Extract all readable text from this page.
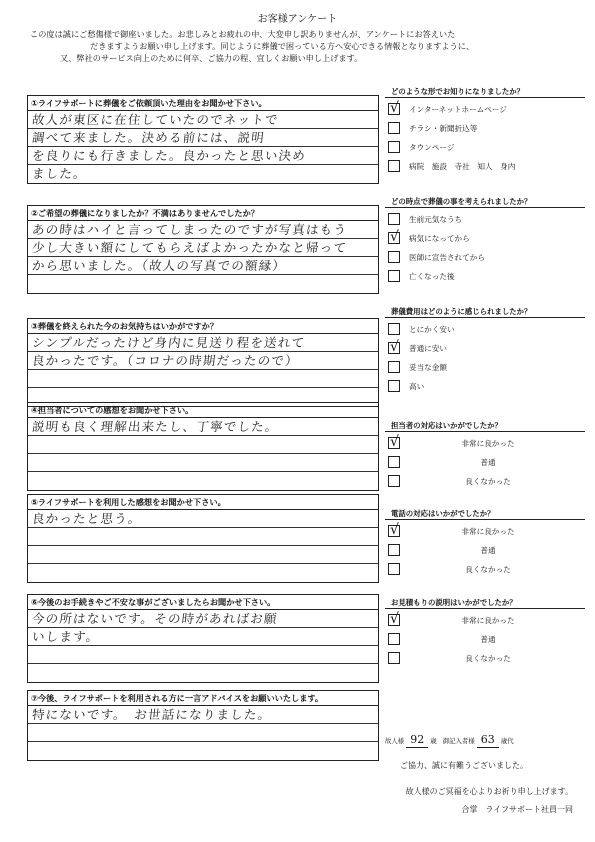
お客様アンケート
この度は誠にご愁傷様で御座いました。お悲しみとお疲れの中、大変申し訳ありませんが、アンケートにお答えいた
だきますようお願い申し上げます。同じように葬儀で困っている方へ安心できる情報となりますように、
又、弊社のサービス向上のために何卒、ご協力の程、宜しくお願い申し上げます。
①ライフサポートに葬儀をご依頼頂いた理由をお聞かせ下さい。
故人が東区に在住していたのでネットで
調べて来ました。決める前には、説明
を良りにも行きました。良かったと思い決め
ました。
②ご希望の葬儀になりましたか？不満はありませんでしたか？
あの時はハイと言ってしまったのですが写真はもう
少し大きい額にしてもらえばよかったかなと帰って
から思いました。（故人の写真での額縁）
③葬儀を終えられた今のお気持ちはいかがですか？
シンプルだったけど身内に見送り程を送れて
良かったです。（コロナの時期だったので）
④担当者についての感想をお聞かせ下さい。
説明も良く理解出来たし、丁寧でした。
⑤ライフサポートを利用した感想をお聞かせ下さい。
良かったと思う。
⑥今後のお手続きやご不安な事がございましたらお聞かせ下さい。
今の所はないです。その時があればお願
いします。
⑦今後、ライフサポートを利用される方に一言アドバイスをお願いいたします。
特にないです。　お世話になりました。
どのような形でお知りになりましたか？
√
インターネットホームページ
チラシ・新聞折込等
タウンページ
病院　施設　寺社　知人　身内
どの時点で葬儀の事を考えられましたか？
生前元気なうち
√
病気になってから
医師に宣告されてから
亡くなった後
葬儀費用はどのように感じられましたか？
とにかく安い
√
普通に安い
妥当な金額
高い
担当者の対応はいかがでしたか？
√
非常に良かった
普通
良くなかった
電話の対応はいかがでしたか？
√
非常に良かった
普通
良くなかった
お見積もりの説明はいかがでしたか？
√
非常に良かった
普通
良くなかった
故人様 92 歳 御記入者様 63 歳代
ご協力、誠に有難うございました。
故人様のご冥福を心よりお祈り申し上げます。
合掌　ライフサポート社員一同
